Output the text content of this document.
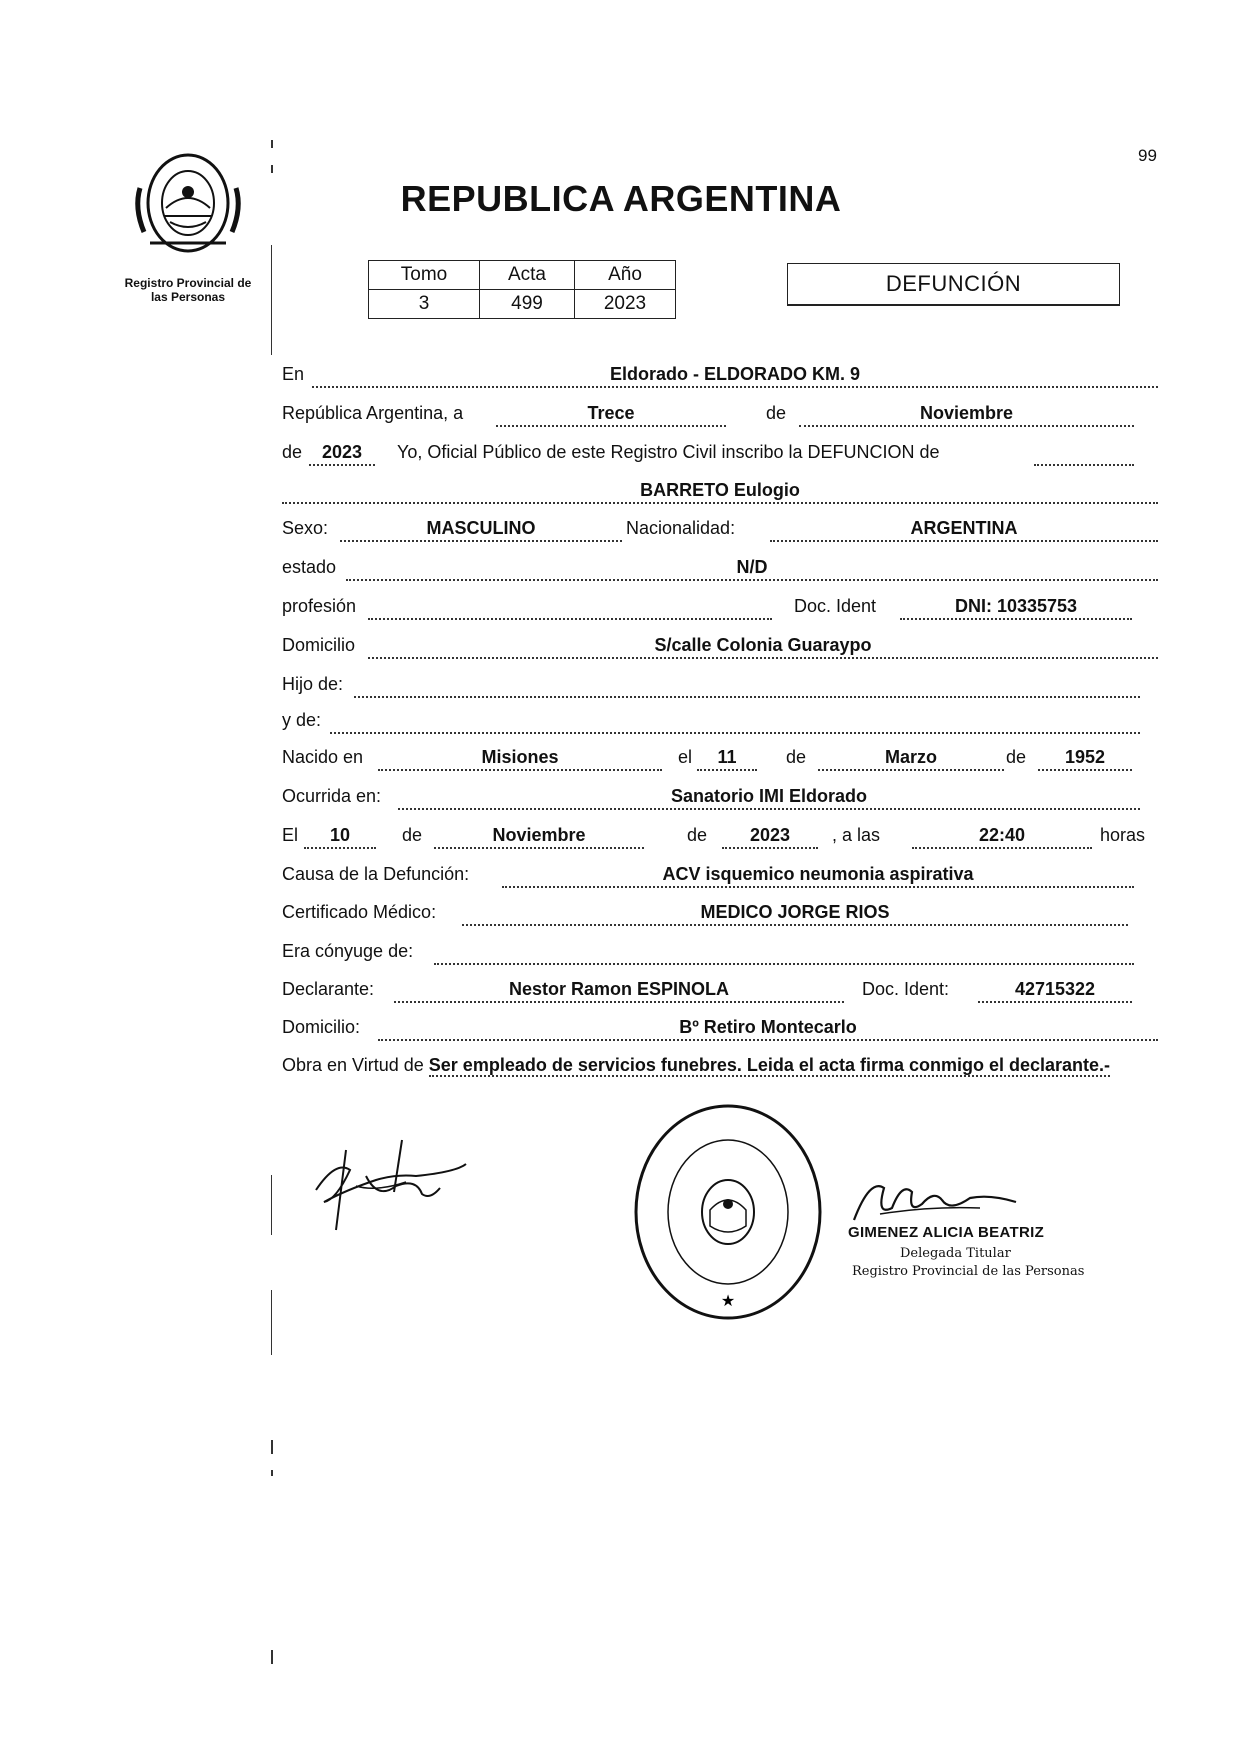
99
Registro Provincial de
las Personas
REPUBLICA ARGENTINA
Tomo	Acta	Año
3	499	2023
DEFUNCIÓN
En	Eldorado - ELDORADO KM. 9
República Argentina, a	Trece	de	Noviembre
de	2023	Yo, Oficial Público de este Registro Civil inscribo la DEFUNCION de
BARRETO Eulogio
Sexo:	MASCULINO	Nacionalidad:	ARGENTINA
estado	N/D
profesión	Doc. Ident	DNI: 10335753
Domicilio	S/calle Colonia Guaraypo
Hijo de:
y de:
Nacido en	Misiones	el	11	de	Marzo	de	1952
Ocurrida en:	Sanatorio IMI Eldorado
El	10	de	Noviembre	de	2023	, a las	22:40	horas
Causa de la Defunción:	ACV isquemico neumonia aspirativa
Certificado Médico:	MEDICO JORGE RIOS
Era cónyuge de:
Declarante:	Nestor Ramon ESPINOLA	Doc. Ident:	42715322
Domicilio:	Bº Retiro Montecarlo
Obra en Virtud de Ser empleado de servicios funebres. Leida el acta firma conmigo el declarante.-
★
GIMENEZ ALICIA BEATRIZ
Delegada Titular
Registro Provincial de las Personas
